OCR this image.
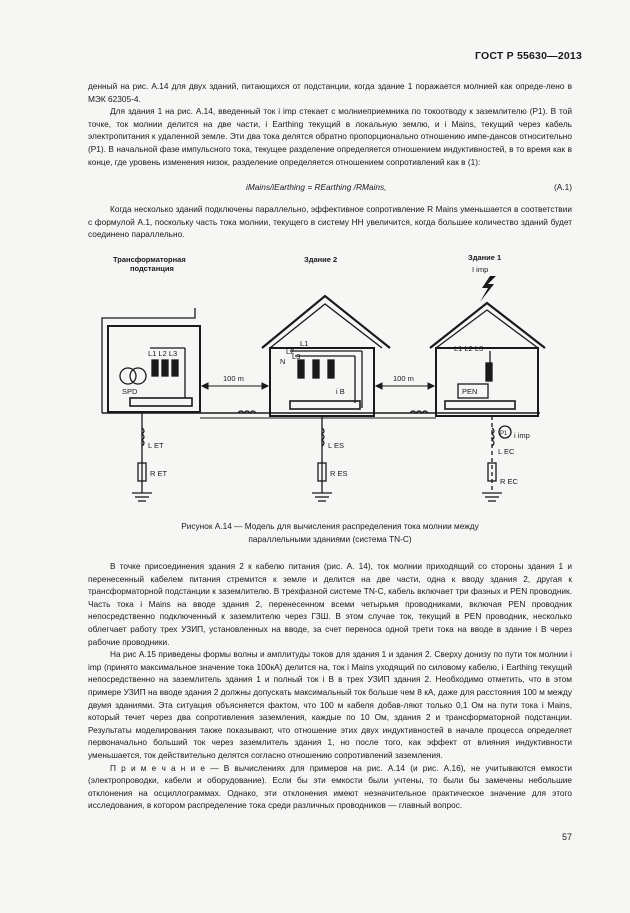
ГОСТ Р 55630—2013

денный на рис. А.14 для двух зданий, питающихся от подстанции, когда здание 1 поражается молнией как опреде-ленo в МЭК 62305-4.

Для здания 1 на рис. А.14, введенный ток i imp стекает с молниеприемника по токоотводу к заземлителю (Р1). В той точке, ток молнии делится на две части, i Earthing текущий в локальную землю, и i Mains, текущий через кабель электропитания к удаленной земле. Эти два тока делятся обратно пропорционально отношению импе-дансов относительно (Р1). В начальной фазе импульсного тока, текущее разделение определяется отношением индуктивностей, в то время как в конце, где уровень изменения низок, разделение определяется отношением сопротивлений как в (1):

iMains/iEarthing = REarthing /RMains,	(А.1)

Когда несколько зданий подключены параллельно, эффективное сопротивление R Mains уменьшается в соответствии с формулой А.1, поскольку часть тока молнии, текущего в систему НН увеличится, когда большее количество зданий будет соединено параллельно.

Трансформаторная
подстанция
Здание 2	Здание 1
I imp
100 m	100 m
SPD
L1 L2 L3
L1 L2 L3
PEN
L1
L2
L3
N
i B
L ET
R ET
L ES
R ES
L EC
R EC
P1 i imp
Рисунок А.14 — Модель для вычисления распределения тока молнии между
параллельными зданиями (система TN-C)

В точке присоединения здания 2 к кабелю питания (рис. А. 14), ток молнии приходящий со стороны здания 1 и перенесенный кабелем питания стремится к земле и делится на две части, одна к вводу здания 2, другая к трансформаторной подстанции к заземлителю. В трехфазной системе TN-C, кабель включает три фазных и PEN проводник. Часть тока i Mains на вводе здания 2, перенесенном всеми четырьмя проводниками, включая PEN проводник непосредственно подключенный к заземлителю через ГЗШ. В этом случае ток, текущий в PEN проводник, несколько облегчает работу трех УЗИП, установленных на вводе, за счет переноса одной трети тока на вводе в здание i B через рабочие проводники.

На рис А.15 приведены формы волны и амплитуды токов для здания 1 и здания 2. Сверху донизу по пути ток молнии i imp (принято максимальное значение тока 100кА) делится на, ток i Mains уходящий по силовому кабелю, i Earthing текущий непосредственно на заземлитель здания 1 и полный ток i B в трех УЗИП здания 2. Необходимо отметить, что в этом примере УЗИП на вводе здания 2 должны допускать максимальный ток больше чем 8 кА, даже для расстояния 100 м между двумя зданиями. Эта ситуация объясняется фактом, что 100 м кабеля добав-ляют только 0,1 Ом на пути тока i Mains, который течет через два сопротивления заземления, каждые по 10 Ом, здания 2 и трансформаторной подстанции. Результаты моделирования также показывают, что отношение этих двух индуктивностей в начале процесса определяет первоначально больший ток через заземлитель здания 1, но после того, как эффект от влияния индуктивности уменьшается, ток действительно делятся согласно отношению сопротивлений заземления.

П р и м е ч а н и е — В вычислениях для примеров на рис. А.14 (и рис. А.16), не учитываются емкости (электропроводки, кабели и оборудование). Если бы эти емкости были учтены, то были бы замечены небольшие отклонения на осциллограммах. Однако, эти отклонения имеют незначительное практическое значение для этого исследования, в котором распределение тока среди различных проводников — главный вопрос.

57
